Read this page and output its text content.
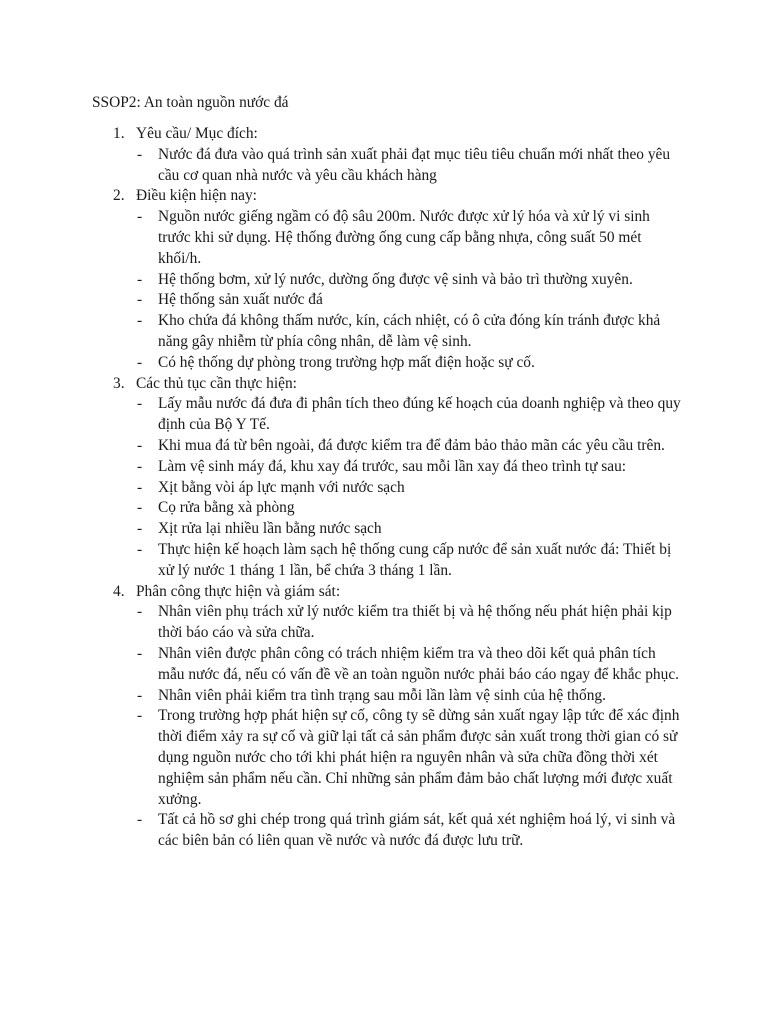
SSOP2: An toàn nguồn nước đá
1. Yêu cầu/ Mục đích:
- Nước đá đưa vào quá trình sản xuất phải đạt mục tiêu tiêu chuẩn mới nhất theo yêu cầu cơ quan nhà nước và yêu cầu khách hàng
2. Điều kiện hiện nay:
- Nguồn nước giếng ngầm có độ sâu 200m. Nước được xử lý hóa và xử lý vi sinh trước khi sử dụng. Hệ thống đường ống cung cấp bằng nhựa, công suất 50 mét khối/h.
- Hệ thống bơm, xử lý nước, dường ống được vệ sinh và bảo trì thường xuyên.
- Hệ thống sản xuất nước đá
- Kho chứa đá không thấm nước, kín, cách nhiệt, có ô cửa đóng kín tránh được khả năng gây nhiễm từ phía công nhân, dễ làm vệ sinh.
- Có hệ thống dự phòng trong trường hợp mất điện hoặc sự cố.
3. Các thủ tục cần thực hiện:
- Lấy mẫu nước đá đưa đi phân tích theo đúng kế hoạch của doanh nghiệp và theo quy định của Bộ Y Tế.
- Khi mua đá từ bên ngoài, đá được kiểm tra để đảm bảo thảo mãn các yêu cầu trên.
- Làm vệ sinh máy đá, khu xay đá trước, sau mỗi lần xay đá theo trình tự sau:
- Xịt bằng vòi áp lực mạnh với nước sạch
- Cọ rửa bằng xà phòng
- Xịt rửa lại nhiều lần bằng nước sạch
- Thực hiện kế hoạch làm sạch hệ thống cung cấp nước để sản xuất nước đá: Thiết bị xử lý nước 1 tháng 1 lần, bể chứa 3 tháng 1 lần.
4. Phân công thực hiện và giám sát:
- Nhân viên phụ trách xử lý nước kiểm tra thiết bị và hệ thống nếu phát hiện phải kịp thời báo cáo và sửa chữa.
- Nhân viên được phân công có trách nhiệm kiểm tra và theo dõi kết quả phân tích mẫu nước đá, nếu có vấn đề về an toàn nguồn nước phải báo cáo ngay để khắc phục.
- Nhân viên phải kiểm tra tình trạng sau mỗi lần làm vệ sinh của hệ thống.
- Trong trường hợp phát hiện sự cố, công ty sẽ dừng sản xuất ngay lập tức để xác định thời điểm xảy ra sự cố và giữ lại tất cả sản phẩm được sản xuất trong thời gian có sử dụng nguồn nước cho tới khi phát hiện ra nguyên nhân và sửa chữa đồng thời xét nghiệm sản phẩm nếu cần. Chỉ những sản phẩm đảm bảo chất lượng mới được xuất xưởng.
- Tất cả hồ sơ ghi chép trong quá trình giám sát, kết quả xét nghiệm hoá lý, vi sinh và các biên bản có liên quan về nước và nước đá được lưu trữ.
